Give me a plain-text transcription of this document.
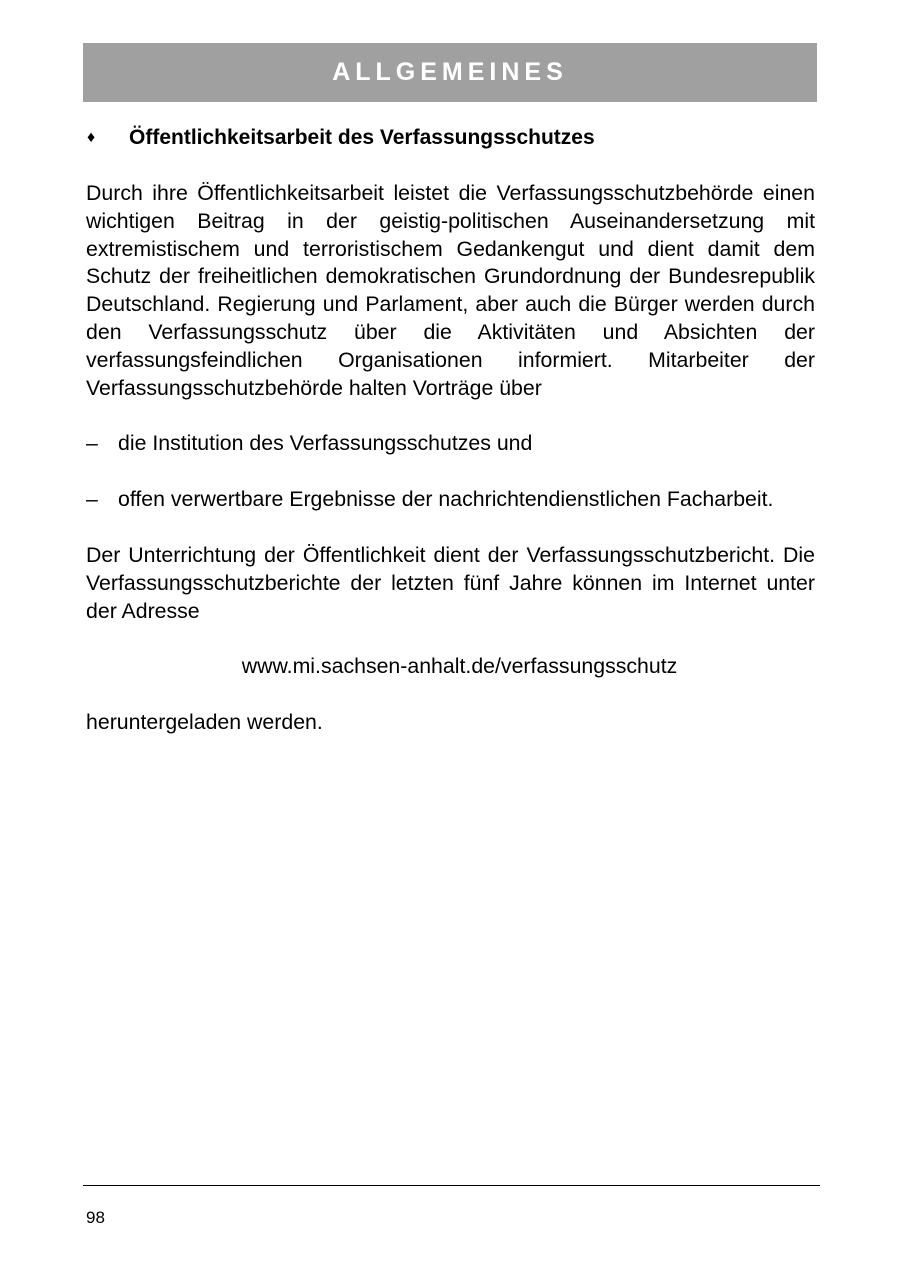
ALLGEMEINES
♦	Öffentlichkeitsarbeit des Verfassungsschutzes

Durch ihre Öffentlichkeitsarbeit leistet die Verfassungsschutzbehörde einen wichtigen Beitrag in der geistig-politischen Auseinandersetzung mit extremistischem und terroristischem Gedankengut und dient damit dem Schutz der freiheitlichen demokratischen Grundordnung der Bundesrepublik Deutschland. Regierung und Parlament, aber auch die Bürger werden durch den Verfassungsschutz über die Aktivitäten und Absichten der verfassungsfeindlichen Organisationen informiert. Mitarbeiter der Verfassungsschutzbehörde halten Vorträge über

– die Institution des Verfassungsschutzes und
– offen verwertbare Ergebnisse der nachrichtendienstlichen Facharbeit.

Der Unterrichtung der Öffentlichkeit dient der Verfassungsschutzbericht. Die Verfassungsschutzberichte der letzten fünf Jahre können im Internet unter der Adresse

www.mi.sachsen-anhalt.de/verfassungsschutz

heruntergeladen werden.

98
